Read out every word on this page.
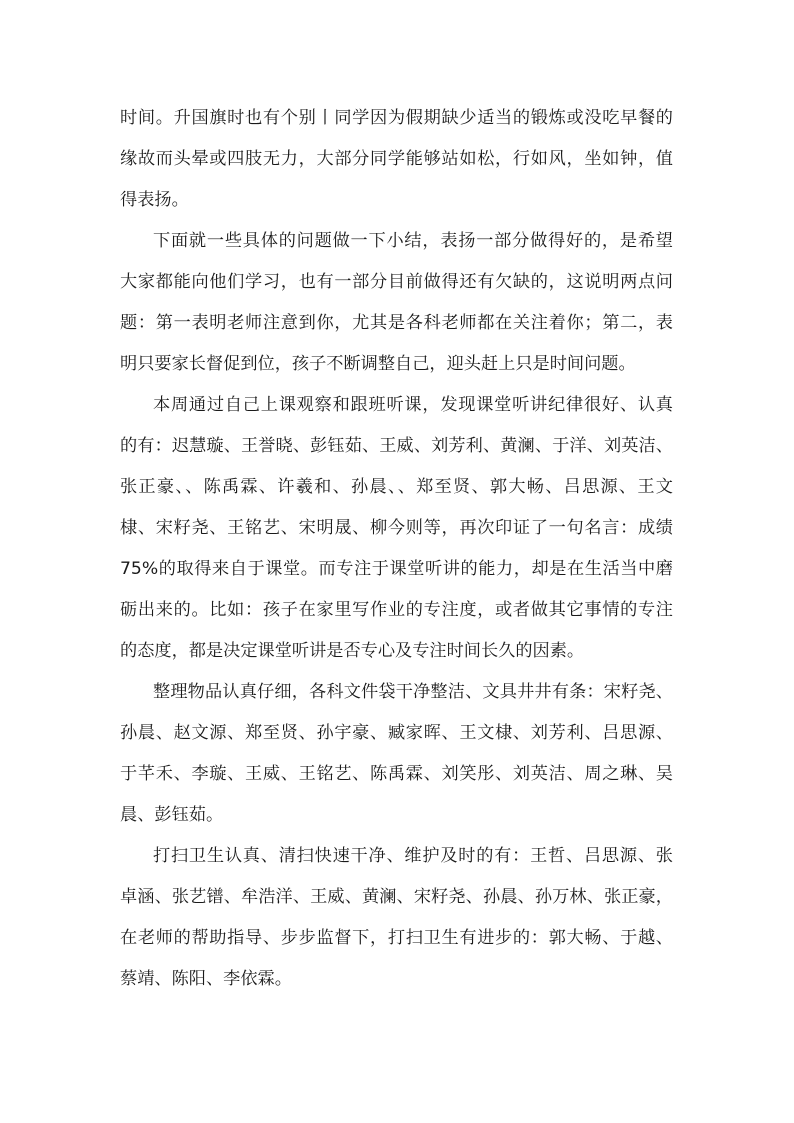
时间。升国旗时也有个别丨同学因为假期缺少适当的锻炼或没吃早餐的
缘故而头晕或四肢无力，大部分同学能够站如松，行如风，坐如钟，值
得表扬。
下面就一些具体的问题做一下小结，表扬一部分做得好的，是希望
大家都能向他们学习，也有一部分目前做得还有欠缺的，这说明两点问
题：第一表明老师注意到你，尤其是各科老师都在关注着你；第二，表
明只要家长督促到位，孩子不断调整自己，迎头赶上只是时间问题。
本周通过自己上课观察和跟班听课，发现课堂听讲纪律很好、认真
的有：迟慧璇、王誉晓、彭钰茹、王威、刘芳利、黄澜、于洋、刘英洁、
张正豪、、陈禹霖、许羲和、孙晨、、郑至贤、郭大畅、吕思源、王文
棣、宋籽尧、王铭艺、宋明晟、柳今则等，再次印证了一句名言：成绩
75%的取得来自于课堂。而专注于课堂听讲的能力，却是在生活当中磨
砺出来的。比如：孩子在家里写作业的专注度，或者做其它事情的专注
的态度，都是决定课堂听讲是否专心及专注时间长久的因素。
整理物品认真仔细，各科文件袋干净整洁、文具井井有条：宋籽尧、
孙晨、赵文源、郑至贤、孙宇豪、臧家晖、王文棣、刘芳利、吕思源、
于芊禾、李璇、王威、王铭艺、陈禹霖、刘笑彤、刘英洁、周之琳、吴
晨、彭钰茹。
打扫卫生认真、清扫快速干净、维护及时的有：王哲、吕思源、张
卓涵、张艺镨、牟浩洋、王威、黄澜、宋籽尧、孙晨、孙万林、张正豪，
在老师的帮助指导、步步监督下，打扫卫生有进步的：郭大畅、于越、
蔡靖、陈阳、李依霖。
